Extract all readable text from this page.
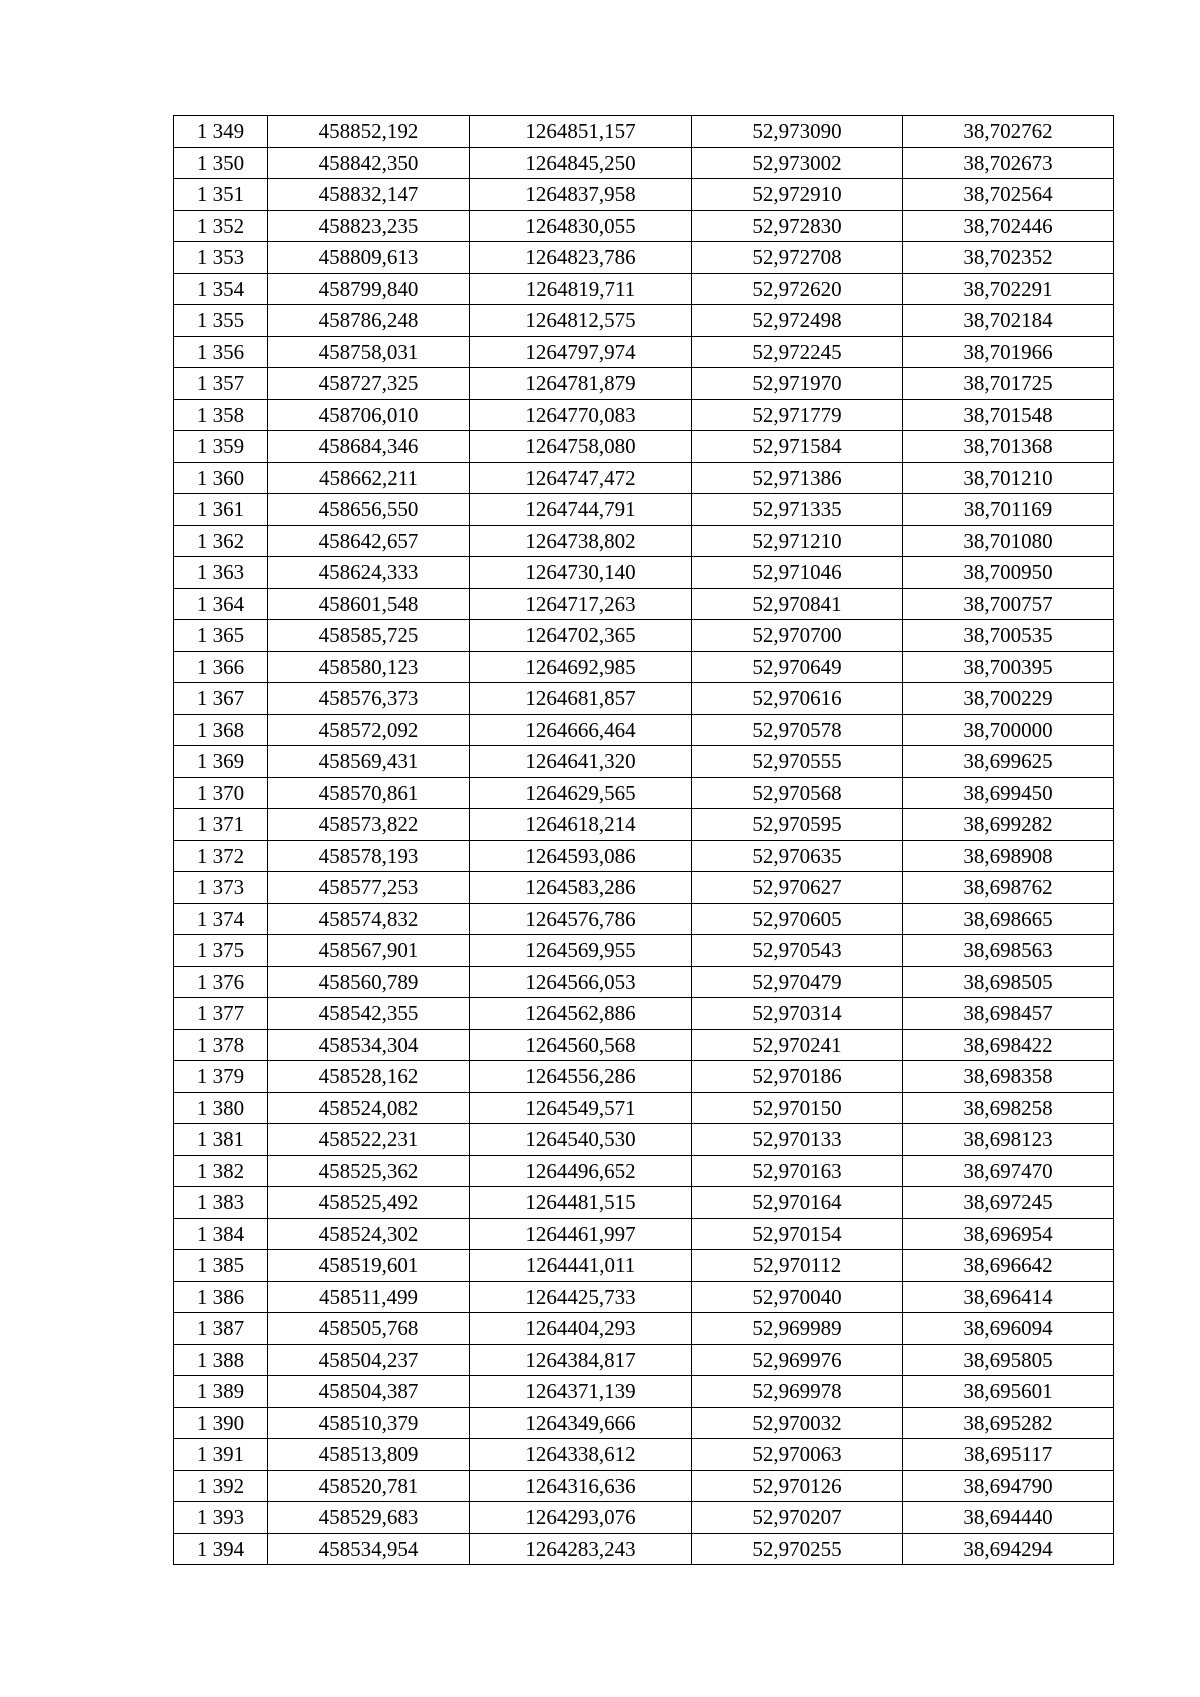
1 349	458852,192	1264851,157	52,973090	38,702762
1 350	458842,350	1264845,250	52,973002	38,702673
1 351	458832,147	1264837,958	52,972910	38,702564
1 352	458823,235	1264830,055	52,972830	38,702446
1 353	458809,613	1264823,786	52,972708	38,702352
1 354	458799,840	1264819,711	52,972620	38,702291
1 355	458786,248	1264812,575	52,972498	38,702184
1 356	458758,031	1264797,974	52,972245	38,701966
1 357	458727,325	1264781,879	52,971970	38,701725
1 358	458706,010	1264770,083	52,971779	38,701548
1 359	458684,346	1264758,080	52,971584	38,701368
1 360	458662,211	1264747,472	52,971386	38,701210
1 361	458656,550	1264744,791	52,971335	38,701169
1 362	458642,657	1264738,802	52,971210	38,701080
1 363	458624,333	1264730,140	52,971046	38,700950
1 364	458601,548	1264717,263	52,970841	38,700757
1 365	458585,725	1264702,365	52,970700	38,700535
1 366	458580,123	1264692,985	52,970649	38,700395
1 367	458576,373	1264681,857	52,970616	38,700229
1 368	458572,092	1264666,464	52,970578	38,700000
1 369	458569,431	1264641,320	52,970555	38,699625
1 370	458570,861	1264629,565	52,970568	38,699450
1 371	458573,822	1264618,214	52,970595	38,699282
1 372	458578,193	1264593,086	52,970635	38,698908
1 373	458577,253	1264583,286	52,970627	38,698762
1 374	458574,832	1264576,786	52,970605	38,698665
1 375	458567,901	1264569,955	52,970543	38,698563
1 376	458560,789	1264566,053	52,970479	38,698505
1 377	458542,355	1264562,886	52,970314	38,698457
1 378	458534,304	1264560,568	52,970241	38,698422
1 379	458528,162	1264556,286	52,970186	38,698358
1 380	458524,082	1264549,571	52,970150	38,698258
1 381	458522,231	1264540,530	52,970133	38,698123
1 382	458525,362	1264496,652	52,970163	38,697470
1 383	458525,492	1264481,515	52,970164	38,697245
1 384	458524,302	1264461,997	52,970154	38,696954
1 385	458519,601	1264441,011	52,970112	38,696642
1 386	458511,499	1264425,733	52,970040	38,696414
1 387	458505,768	1264404,293	52,969989	38,696094
1 388	458504,237	1264384,817	52,969976	38,695805
1 389	458504,387	1264371,139	52,969978	38,695601
1 390	458510,379	1264349,666	52,970032	38,695282
1 391	458513,809	1264338,612	52,970063	38,695117
1 392	458520,781	1264316,636	52,970126	38,694790
1 393	458529,683	1264293,076	52,970207	38,694440
1 394	458534,954	1264283,243	52,970255	38,694294
